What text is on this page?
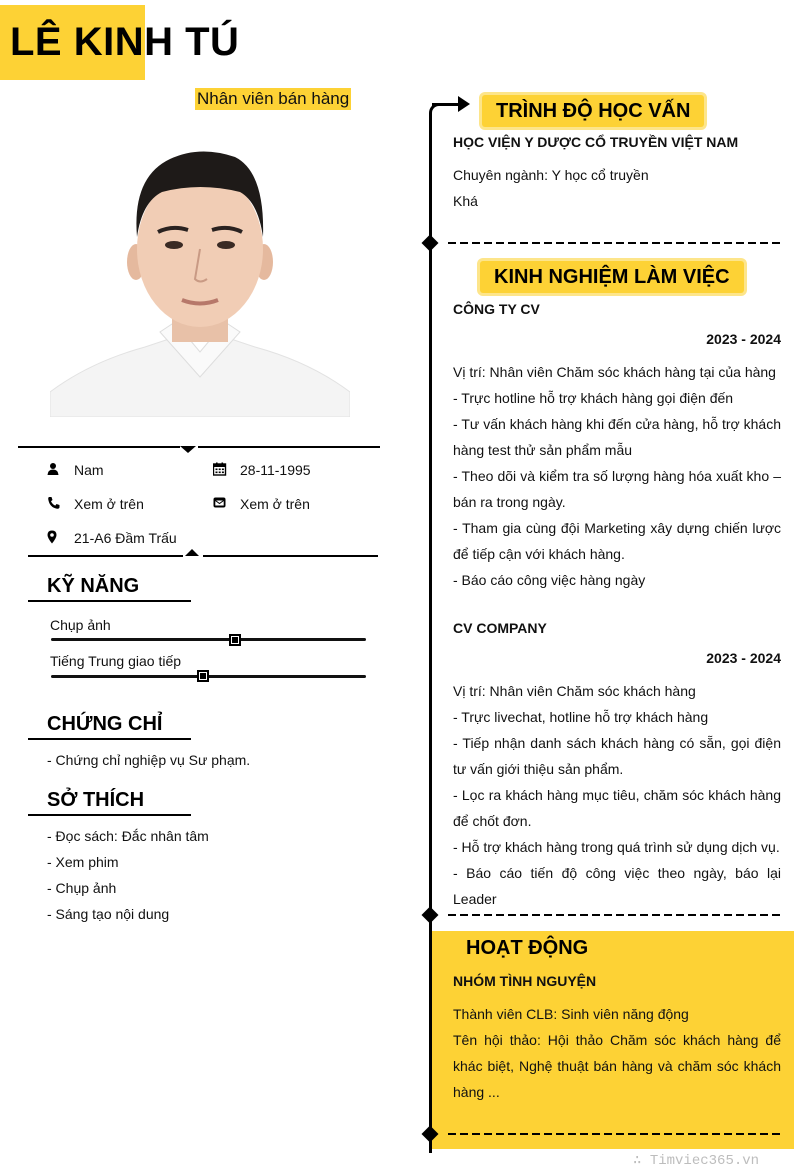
LÊ KINH TÚ
Nhân viên bán hàng
Nam	28-11-1995
Xem ở trên	Xem ở trên
21-A6 Đầm Trấu
KỸ NĂNG
Chụp ảnh
Tiếng Trung giao tiếp
CHỨNG CHỈ
- Chứng chỉ nghiệp vụ Sư phạm.
SỞ THÍCH
- Đọc sách: Đắc nhân tâm
- Xem phim
- Chụp ảnh
- Sáng tạo nội dung
TRÌNH ĐỘ HỌC VẤN
HỌC VIỆN Y DƯỢC CỔ TRUYỀN VIỆT NAM
Chuyên ngành: Y học cổ truyền
Khá
KINH NGHIỆM LÀM VIỆC
CÔNG TY CV
2023 - 2024
Vị trí: Nhân viên Chăm sóc khách hàng tại của hàng
- Trực hotline hỗ trợ khách hàng gọi điện đến
- Tư vấn khách hàng khi đến cửa hàng, hỗ trợ khách hàng test thử sản phẩm mẫu
- Theo dõi và kiểm tra số lượng hàng hóa xuất kho – bán ra trong ngày.
- Tham gia cùng đội Marketing xây dựng chiến lược để tiếp cận với khách hàng.
- Báo cáo công việc hàng ngày
CV COMPANY
2023 - 2024
Vị trí: Nhân viên Chăm sóc khách hàng
- Trực livechat, hotline hỗ trợ khách hàng
- Tiếp nhận danh sách khách hàng có sẵn, gọi điện tư vấn giới thiệu sản phẩm.
- Lọc ra khách hàng mục tiêu, chăm sóc khách hàng để chốt đơn.
- Hỗ trợ khách hàng trong quá trình sử dụng dịch vụ.
- Báo cáo tiến độ công việc theo ngày, báo lại Leader
HOẠT ĐỘNG
NHÓM TÌNH NGUYỆN
Thành viên CLB: Sinh viên năng động
Tên hội thảo: Hội thảo Chăm sóc khách hàng để khác biệt, Nghệ thuật bán hàng và chăm sóc khách hàng ...
∴ Timviec365.vn
